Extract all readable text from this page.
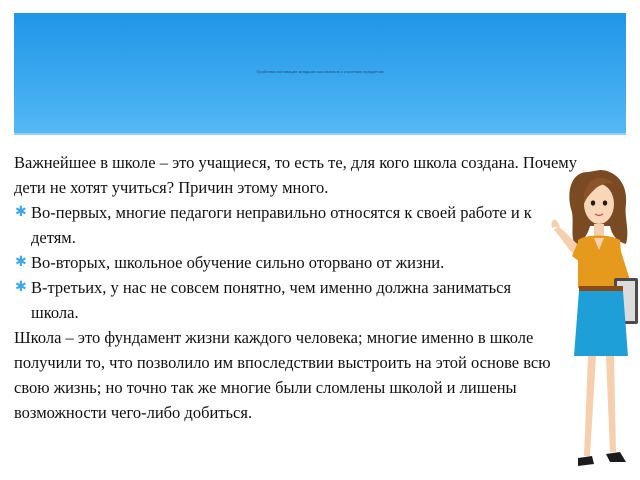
Проблема мотивации младших школьников к изучению предметов

Важнейшее в школе – это учащиеся, то есть те, для кого школа создана. Почему дети не хотят учиться? Причин этому много.

✱ Во-первых, многие педагоги неправильно относятся к своей работе и к детям.
✱ Во-вторых, школьное обучение сильно оторвано от жизни.
✱ В-третьих, у нас не совсем понятно, чем именно должна заниматься школа.

Школа – это фундамент жизни каждого человека; многие именно в школе получили то, что позволило им впоследствии выстроить на этой основе всю свою жизнь; но точно так же многие были сломлены школой и лишены возможности чего-либо добиться.
